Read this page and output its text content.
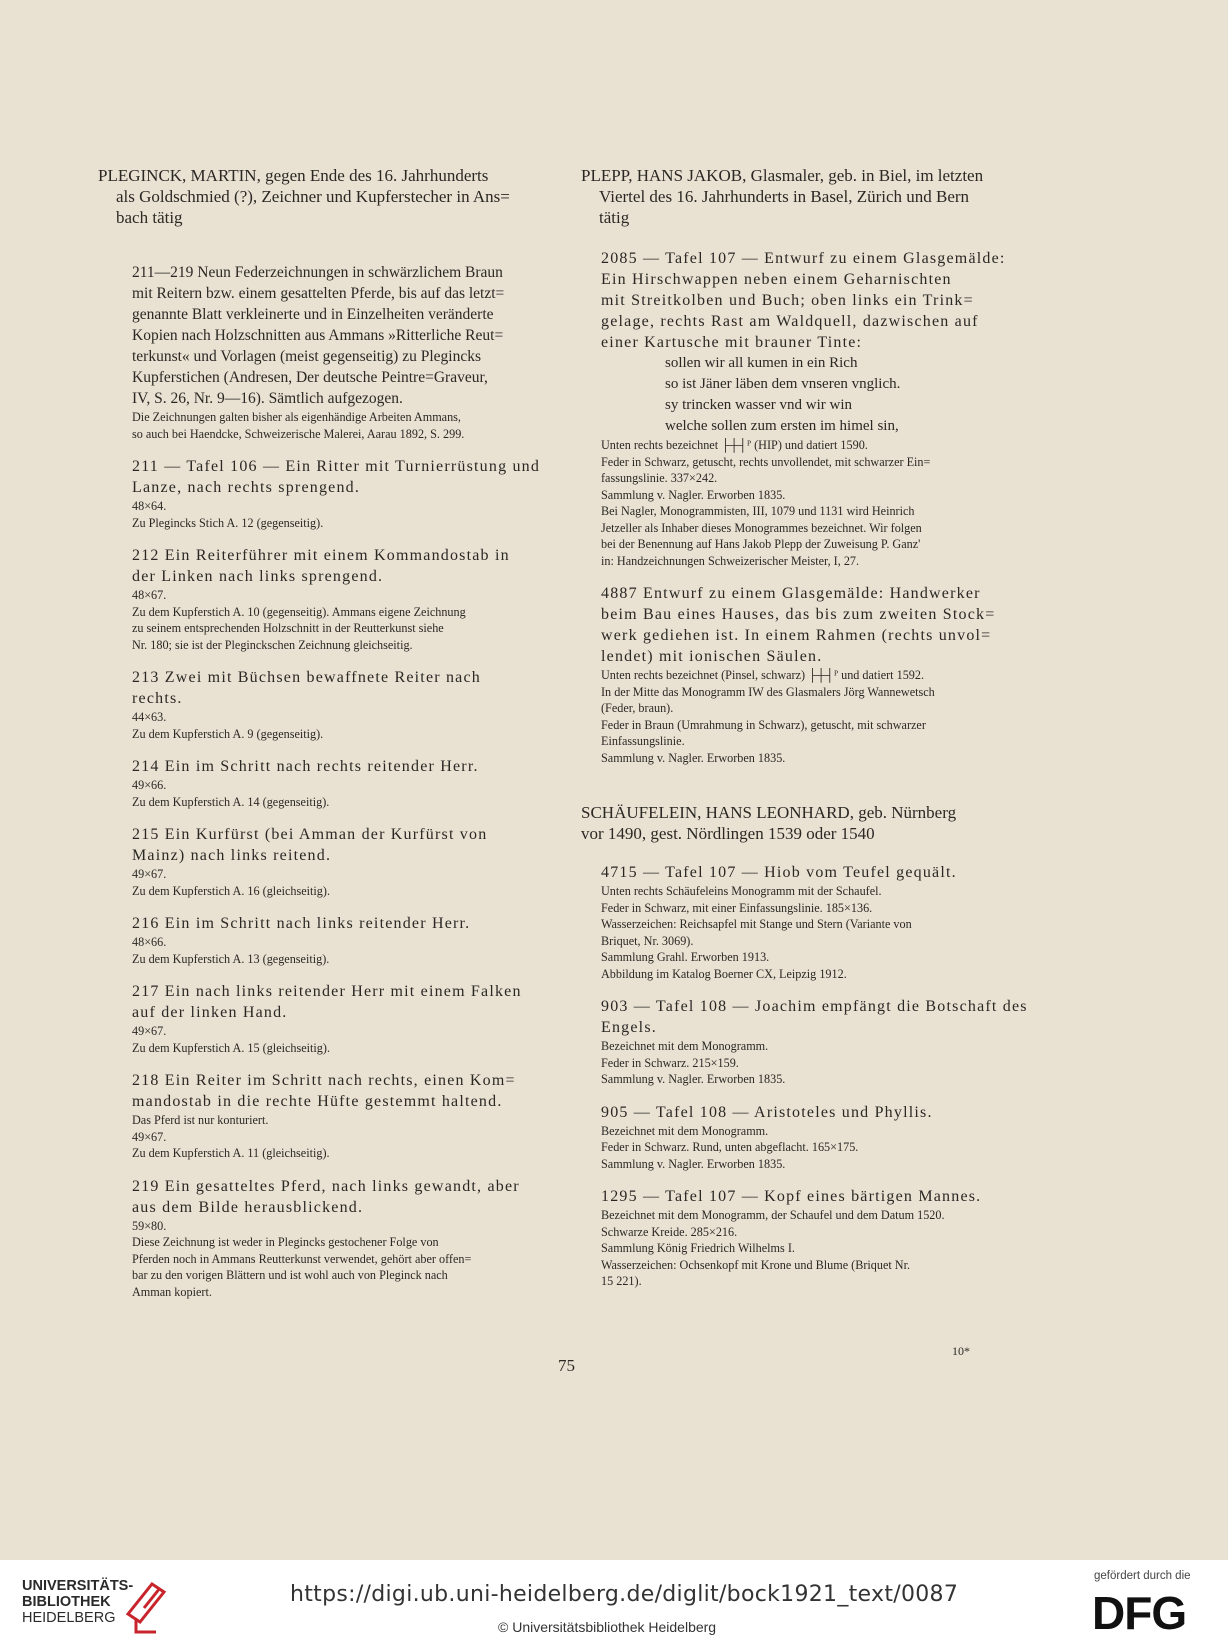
PLEGINCK, MARTIN, gegen Ende des 16. Jahrhunderts
als Goldschmied (?), Zeichner und Kupferstecher in Ans=
bach tätig
211—219 Neun Federzeichnungen in schwärzlichem Braun
mit Reitern bzw. einem gesattelten Pferde, bis auf das letzt=
genannte Blatt verkleinerte und in Einzelheiten veränderte
Kopien nach Holzschnitten aus Ammans »Ritterliche Reut=
terkunst« und Vorlagen (meist gegenseitig) zu Plegincks
Kupferstichen (Andresen, Der deutsche Peintre=Graveur,
IV, S. 26, Nr. 9—16). Sämtlich aufgezogen.
Die Zeichnungen galten bisher als eigenhändige Arbeiten Ammans,
so auch bei Haendcke, Schweizerische Malerei, Aarau 1892, S. 299.
211 — Tafel 106 — Ein Ritter mit Turnierrüstung und
Lanze, nach rechts sprengend.
48×64.
Zu Plegincks Stich A. 12 (gegenseitig).
212 Ein Reiterführer mit einem Kommandostab in
der Linken nach links sprengend.
48×67.
Zu dem Kupferstich A. 10 (gegenseitig). Ammans eigene Zeichnung
zu seinem entsprechenden Holzschnitt in der Reutterkunst siehe
Nr. 180; sie ist der Pleginckschen Zeichnung gleichseitig.
213 Zwei mit Büchsen bewaffnete Reiter nach
rechts.
44×63.
Zu dem Kupferstich A. 9 (gegenseitig).
214 Ein im Schritt nach rechts reitender Herr.
49×66.
Zu dem Kupferstich A. 14 (gegenseitig).
215 Ein Kurfürst (bei Amman der Kurfürst von
Mainz) nach links reitend.
49×67.
Zu dem Kupferstich A. 16 (gleichseitig).
216 Ein im Schritt nach links reitender Herr.
48×66.
Zu dem Kupferstich A. 13 (gegenseitig).
217 Ein nach links reitender Herr mit einem Falken
auf der linken Hand.
49×67.
Zu dem Kupferstich A. 15 (gleichseitig).
218 Ein Reiter im Schritt nach rechts, einen Kom=
mandostab in die rechte Hüfte gestemmt haltend.
Das Pferd ist nur konturiert.
49×67.
Zu dem Kupferstich A. 11 (gleichseitig).
219 Ein gesatteltes Pferd, nach links gewandt, aber
aus dem Bilde herausblickend.
59×80.
Diese Zeichnung ist weder in Plegincks gestochener Folge von
Pferden noch in Ammans Reutterkunst verwendet, gehört aber offen=
bar zu den vorigen Blättern und ist wohl auch von Pleginck nach
Amman kopiert.
PLEPP, HANS JAKOB, Glasmaler, geb. in Biel, im letzten
Viertel des 16. Jahrhunderts in Basel, Zürich und Bern
tätig
2085 — Tafel 107 — Entwurf zu einem Glasgemälde:
Ein Hirschwappen neben einem Geharnischten
mit Streitkolben und Buch; oben links ein Trink=
gelage, rechts Rast am Waldquell, dazwischen auf
einer Kartusche mit brauner Tinte:
sollen wir all kumen in ein Rich
so ist Jäner läben dem vnseren vnglich.
sy trincken wasser vnd wir win
welche sollen zum ersten im himel sin,
Unten rechts bezeichnet ├┼┤ᴾ (HIP) und datiert 1590.
Feder in Schwarz, getuscht, rechts unvollendet, mit schwarzer Ein=
fassungslinie. 337×242.
Sammlung v. Nagler. Erworben 1835.
Bei Nagler, Monogrammisten, III, 1079 und 1131 wird Heinrich
Jetzeller als Inhaber dieses Monogrammes bezeichnet. Wir folgen
bei der Benennung auf Hans Jakob Plepp der Zuweisung P. Ganz'
in: Handzeichnungen Schweizerischer Meister, I, 27.
4887 Entwurf zu einem Glasgemälde: Handwerker
beim Bau eines Hauses, das bis zum zweiten Stock=
werk gediehen ist. In einem Rahmen (rechts unvol=
lendet) mit ionischen Säulen.
Unten rechts bezeichnet (Pinsel, schwarz) ├┼┤ᴾ und datiert 1592.
In der Mitte das Monogramm IW des Glasmalers Jörg Wannewetsch
(Feder, braun).
Feder in Braun (Umrahmung in Schwarz), getuscht, mit schwarzer
Einfassungslinie.
Sammlung v. Nagler. Erworben 1835.
SCHÄUFELEIN, HANS LEONHARD, geb. Nürnberg
vor 1490, gest. Nördlingen 1539 oder 1540
4715 — Tafel 107 — Hiob vom Teufel gequält.
Unten rechts Schäufeleins Monogramm mit der Schaufel.
Feder in Schwarz, mit einer Einfassungslinie. 185×136.
Wasserzeichen: Reichsapfel mit Stange und Stern (Variante von
Briquet, Nr. 3069).
Sammlung Grahl. Erworben 1913.
Abbildung im Katalog Boerner CX, Leipzig 1912.
903 — Tafel 108 — Joachim empfängt die Botschaft des
Engels.
Bezeichnet mit dem Monogramm.
Feder in Schwarz. 215×159.
Sammlung v. Nagler. Erworben 1835.
905 — Tafel 108 — Aristoteles und Phyllis.
Bezeichnet mit dem Monogramm.
Feder in Schwarz. Rund, unten abgeflacht. 165×175.
Sammlung v. Nagler. Erworben 1835.
1295 — Tafel 107 — Kopf eines bärtigen Mannes.
Bezeichnet mit dem Monogramm, der Schaufel und dem Datum 1520.
Schwarze Kreide. 285×216.
Sammlung König Friedrich Wilhelms I.
Wasserzeichen: Ochsenkopf mit Krone und Blume (Briquet Nr.
15 221).
75
10*
UNIVERSITÄTS-
BIBLIOTHEK
HEIDELBERG
https://digi.ub.uni-heidelberg.de/diglit/bock1921_text/0087
© Universitätsbibliothek Heidelberg
gefördert durch die
DFG
